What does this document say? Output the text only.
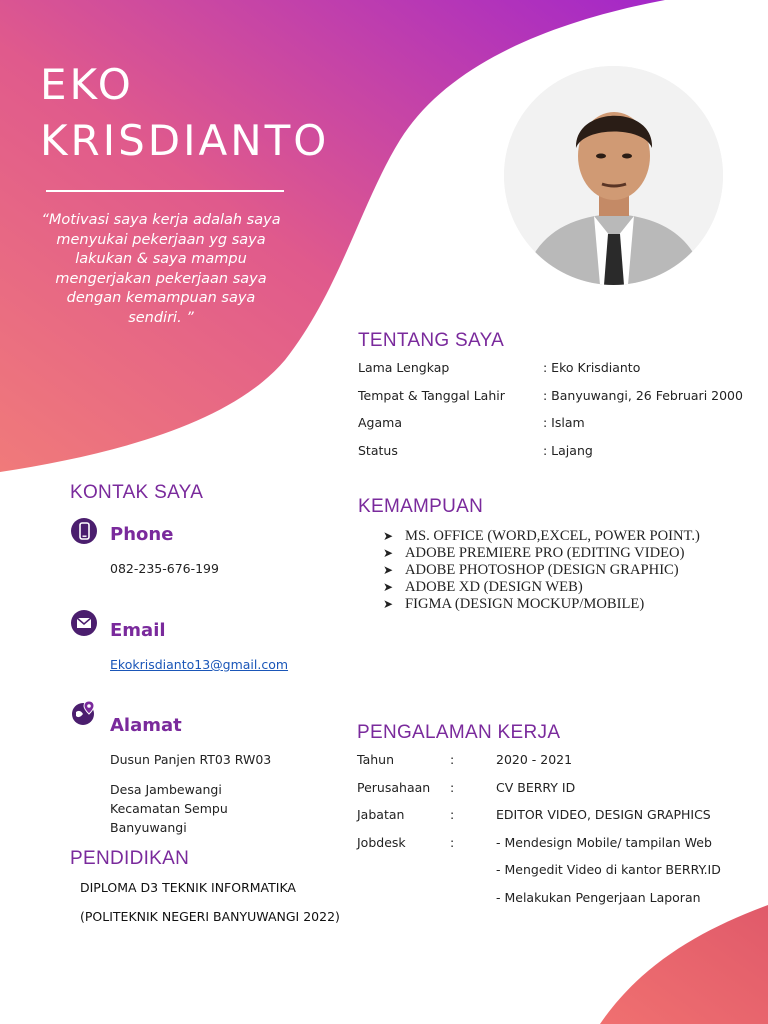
EKO
KRISDIANTO
“Motivasi saya kerja adalah saya
menyukai pekerjaan yg saya
lakukan & saya mampu
mengerjakan pekerjaan saya
dengan kemampuan saya
sendiri. ”
TENTANG SAYA
Lama Lengkap	: Eko Krisdianto
Tempat & Tanggal Lahir	: Banyuwangi, 26 Februari 2000
Agama	: Islam
Status	: Lajang
KONTAK SAYA
Phone
082-235-676-199
Email
Ekokrisdianto13@gmail.com
Alamat
Dusun Panjen RT03 RW03
Desa Jambewangi
Kecamatan Sempu
Banyuwangi
KEMAMPUAN
➤ MS. OFFICE (WORD,EXCEL, POWER POINT.)
➤ ADOBE PREMIERE PRO (EDITING VIDEO)
➤ ADOBE PHOTOSHOP (DESIGN GRAPHIC)
➤ ADOBE XD (DESIGN WEB)
➤ FIGMA (DESIGN MOCKUP/MOBILE)
PENGALAMAN KERJA
Tahun	:	2020 - 2021
Perusahaan :	CV BERRY ID
Jabatan	:	EDITOR VIDEO, DESIGN GRAPHICS
Jobdesk	:	- Mendesign Mobile/ tampilan Web
- Mengedit Video di kantor BERRY.ID
- Melakukan Pengerjaan Laporan
PENDIDIKAN
DIPLOMA D3 TEKNIK INFORMATIKA
(POLITEKNIK NEGERI BANYUWANGI 2022)
